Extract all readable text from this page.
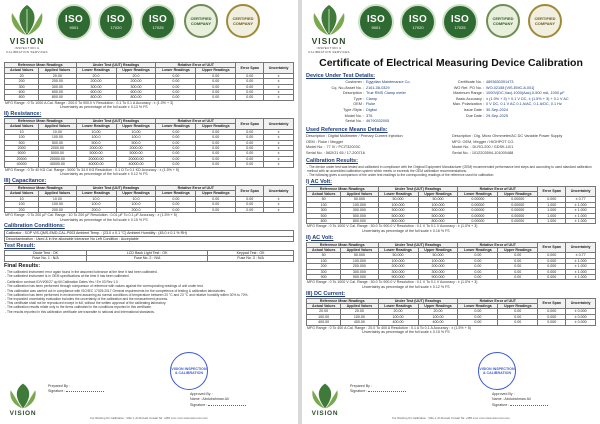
VISION
INSPECTION & CALIBRATION SERVICES
ISO
9001
ISO
17020
ISO
17025
CERTIFIED COMPANY
CERTIFIED COMPANY
Reference Mean Readings		Under Test (UUT) Readings		Relative Error of UUT		Error Span	Uncertainty
Actual Values	Applied Values	Lower Readings	Upper Readings	Lower Readings	Upper Readings		
20	20.00	20.0	20.0	0.00	0.00	0.00	±
200	200.00	200.00	200.00	0.00	0.00	0.00	±
300	300.00	300.00	300.00	0.00	0.00	0.00	±
600	600.00	600.00	600.00	0.00	0.00	0.00	±
800	800.00	800.00	800.00	0.00	0.00	0.00	±
MFG Range : 0 To 1000 A Cal. Range : 200.0 To 900.0 V Resolution : 0.1 To 0.1 A Accuracy : ± (1.0% + 3)
Uncertainty as percentage of the full scale ± 0.13 % FS
II) Resistance:
Reference Mean Readings		Under Test (UUT) Readings		Relative Error of UUT		Error Span	Uncertainty
Actual Values	Applied Values	Lower Readings	Upper Readings	Lower Readings	Upper Readings		
10	10.00	10.00	10.00	0.00	0.00	0.00	±
100	100.00	100.0	100.0	0.00	0.00	0.00	±
500	500.00	500.0	500.0	0.00	0.00	0.00	±
2000	2000.00	2000.00	2000.00	0.00	0.00	0.00	±
5000	5000.00	5000.00	5000.00	0.00	0.00	0.00	±
20000	20000.00	20000.00	20000.00	0.00	0.00	0.00	±
40000	40000.00	40000.00	40000.00	0.00	0.00	0.00	±
MFG Range : 0 To 40 KΩ Cal. Range : 5000 To 34.0 KΩ Resolution : 0.1 Ω To 0.1 KΩ Accuracy : ± (1.5% + 5)
Uncertainty as percentage of the full scale ± 0.12 % FS
III) Capacitance:
Reference Mean Readings		Under Test (UUT) Readings		Relative Error of UUT		Error Span	Uncertainty
Actual Values	Applied Values	Lower Readings	Upper Readings	Lower Readings	Upper Readings		
10	10.00	10.0	10.0	0.00	0.00	0.00	±
100	100.00	100.0	100.0	0.00	0.00	0.00	±
200	200.00	200.0	200.0	0.00	0.00	0.00	±
MFG Range : 0 To 200 μF Cal. Range : 10 To 200 μF Resolution : 0.01 μF To 0.1 μF Accuracy : ± (1.5% + 5)
Uncertainty as percentage of the full scale ± 0.15 % FS
Calibration Conditions:
Calibrator : SOP VIS-QMS-EMD-CAL-P003 Ambient Temp. : (23.0 ± 0.1 °C) Ambient Humidity : (45.0 ± 0.1 % RH)
Decontamination : Used & in the allowable tolerance No Left Condition : Acceptable
Test Result:
Diode Test : OK	LCD Back Light Test : OK	Keypad Test : OK
Fuse No. 1 : N/A	Fuse No. 2 : N/A	Fuse No. 3 : N/A
Final Results:
- The calibrated instrument error again found in the assumed tolerance at the time it had been calibrated.
- The calibrated instrument is in OEM specifications at the time it has been calibrated.
- Calibration contract ID/VI/00/27 up till Calibration Dates Yes / Err 03 Rev 1.0
- The calibration has been performed through comparison of reference with values against the corresponding readings of unit under test.
- This calibration was carried out in compliance with ISO/IEC 17025:2017 General requirements for the competence of testing & calibration laboratories.
- The calibration has been performed in environment assuming as normal conditions of temperature between 20 °C and 23 °C and relative humidity within 30% to 70%.
- The expanded uncertainty evaluation includes the uncertainty of the calibration and the measurement process.
- This certificate shall not be reproduced except in full, without the written approval of the calibrating laboratory.
- The calibration results relate only to the items calibrated in the conditions reported in this certificate.
- The results reported in this calibration certificate are traceable to national and international standards.
VISION
Prepared By :
Signature :
VISION INSPECTION & CALIBRATION
Approved By :
Name : Abdulrahman Ali
Signature :
For Working On Calibration : Villa 1, Al Ahmadi, Kuwait Tel: +965 xxxx xxxx www.vision-ics.com
VISION
INSPECTION & CALIBRATION SERVICES
ISO
9001
ISO
17020
ISO
17025
CERTIFIED COMPANY
CERTIFIED COMPANY
Certificate of Electrical Measuring Device Calibration
Device Under Test Details:
Customer : Egyptian Maintenance Co.
Cq. No./Asset No. : 2161-08-0329
Description : True RMS Clamp meter
Type : Clamp
OEM : Fluke
Type /Style : Digital
Model No. : 376
Serial No. : 46790332005
Certificate No. : 4893630391473
WO Ref. PO No. : WO-02158 [VIS-EMC-8-001]
Maximum Range : 1000V(DC,Vac),1000(Aac),0-500 mA, 1000 μF
Basic Accuracy : ± (1.0% + 3) + 0.1 V DC, ± (1.5% + 3) + 0.1 V AC
Max. Polarization : 0 V DC, 0.1 V AC 0.1 A/AC, 0.1 A/DC, 0.1 Hz
Issue Date : 30-Sep-2024
Due Date : 29-Sep-2025
Used Reference Means Details:
Description : Digital Multimeter / Primary Current Injection	Description : Dig. Micro Ohmmeter/AC DC Variable Power Supply
OEM : Fluke / Megger	MFG: OEM, Megger / HIGHPOT CO.
Model No. : 77 IV / PCIT32003C	Model No. : DLRO-200 / GDSK-10/1
Serial No. : 562IO1 65 / 17-200716	Serial No. : 1012203594-101000488
Calibration Results:
- The device under test was tested and calibrated in compliance with the Original Equipment Manufacturer (OEM) recommended performance test steps and according to used standard calibration method with an accredited calibration system which meets or exceeds the OEM calibration recommendations.
- The following gives a comparison of the under test readings to the corresponding readings of the reference used for calibration.
I) AC Volt:
Reference Mean Readings		Under Test (UUT) Readings		Relative Error of UUT		Error Span	Uncertainty
Actual Values	Applied Values	Lower Readings	Upper Readings	Lower Readings	Upper Readings		
50	50.000	50.000	50.000	0.00000	0.00000	0.000	± 0.77
100	100.000	100.000	100.000	0.00000	0.00000	1.000	± 1.000
300	300.000	300.000	300.000	0.00000	0.00000	1.000	± 1.000
500	500.000	500.000	500.000	0.00000	0.00000	1.000	± 1.000
800	800.000	800.000	800.000	0.00000	0.00000	1.000	± 1.000
MFG Range : 0 To 1000 V Cal. Range : 50.0 To 900.0 V Resolution : 0.1 V To 0.1 V Accuracy : ± (1.0% + 3)
Uncertainty as percentage of the full scale ± 0.16 % FS
II) AC Volt:
Reference Mean Readings		Under Test (UUT) Readings		Relative Error of UUT		Error Span	Uncertainty
Actual Values	Applied Values	Lower Readings	Upper Readings	Lower Readings	Upper Readings		
50	50.000	50.000	50.000	0.00	0.00	0.000	± 0.77
100	100.000	100.000	100.000	0.00	0.00	0.000	± 1.000
200	200.000	200.000	200.000	0.00	0.00	0.000	± 1.000
300	300.000	300.000	300.000	0.00	0.00	0.000	± 1.000
900	900.000	900.000	900.000	0.00	0.00	0.000	± 1.000
MFG Range : 0 To 1000 V Cal. Range : 50.0 To 900.0 V Resolution : 0.1 V To 0.1 V Accuracy : ± (1.0% + 3)
Uncertainty as percentage of the full scale ± 0.12 % FS
III) DC Current:
Reference Mean Readings		Under Test (UUT) Readings		Relative Error of UUT		Error Span	Uncertainty
Actual Values	Applied Values	Lower Readings	Upper Readings	Lower Readings	Upper Readings		
20.00	20.00	20.00	20.00	0.00	0.00	0.000	± 0.000
100.00	100.00	100.00	100.00	0.00	0.00	0.000	± 0.000
400.00	400.00	400.00	400.00	0.00	0.00	0.000	± 0.000
MFG Range : 0 To 400 A Cal. Range : 20.0 To 400 A Resolution : 0.1 A To 0.1 A Accuracy : ± (1.5% + 5)
Uncertainty as percentage of the full scale ± 0.15 % FS
VISION
Prepared By :
Signature :
VISION INSPECTION & CALIBRATION
Approved By :
Name : Abdulrahman Ali
Signature :
For Working On Calibration : Villa 1, Al Ahmadi, Kuwait Tel: +965 xxxx xxxx www.vision-ics.com
